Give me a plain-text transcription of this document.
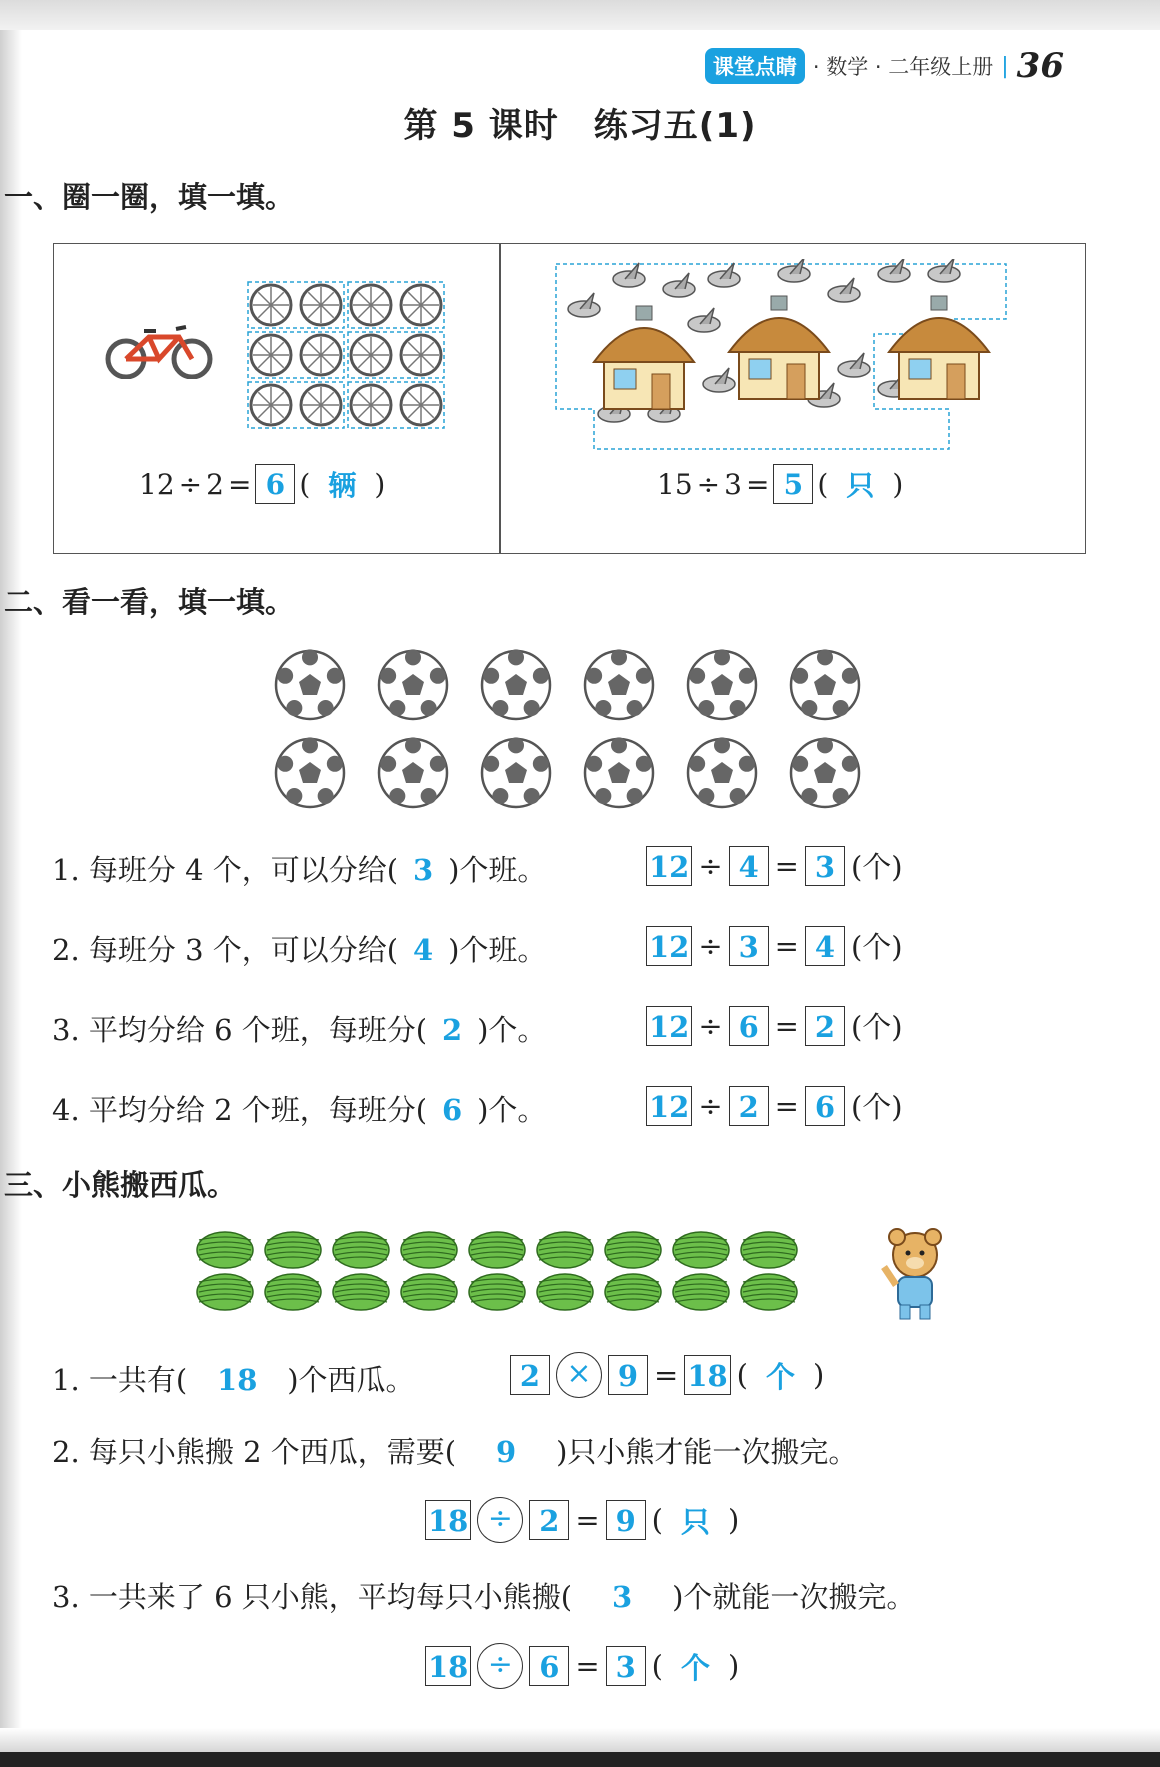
课堂点睛 · 数学 · 二年级上册 | 36
第 5 课时　练习五(1)
一、圈一圈，填一填。
12 ÷ 2 = 6 ( 辆 )	15 ÷ 3 = 5 ( 只 )
二、看一看，填一填。
1. 每班分 4 个，可以分给( 3 )个班。	12 ÷ 4 = 3 (个)
2. 每班分 3 个，可以分给( 4 )个班。	12 ÷ 3 = 4 (个)
3. 平均分给 6 个班，每班分( 2 )个。	12 ÷ 6 = 2 (个)
4. 平均分给 2 个班，每班分( 6 )个。	12 ÷ 2 = 6 (个)
三、小熊搬西瓜。
1. 一共有( 18 )个西瓜。	2 × 9 = 18 ( 个 )
2. 每只小熊搬 2 个西瓜，需要( 9 )只小熊才能一次搬完。
18 ÷ 2 = 9 ( 只 )
3. 一共来了 6 只小熊，平均每只小熊搬( 3 )个就能一次搬完。
18 ÷ 6 = 3 ( 个 )
